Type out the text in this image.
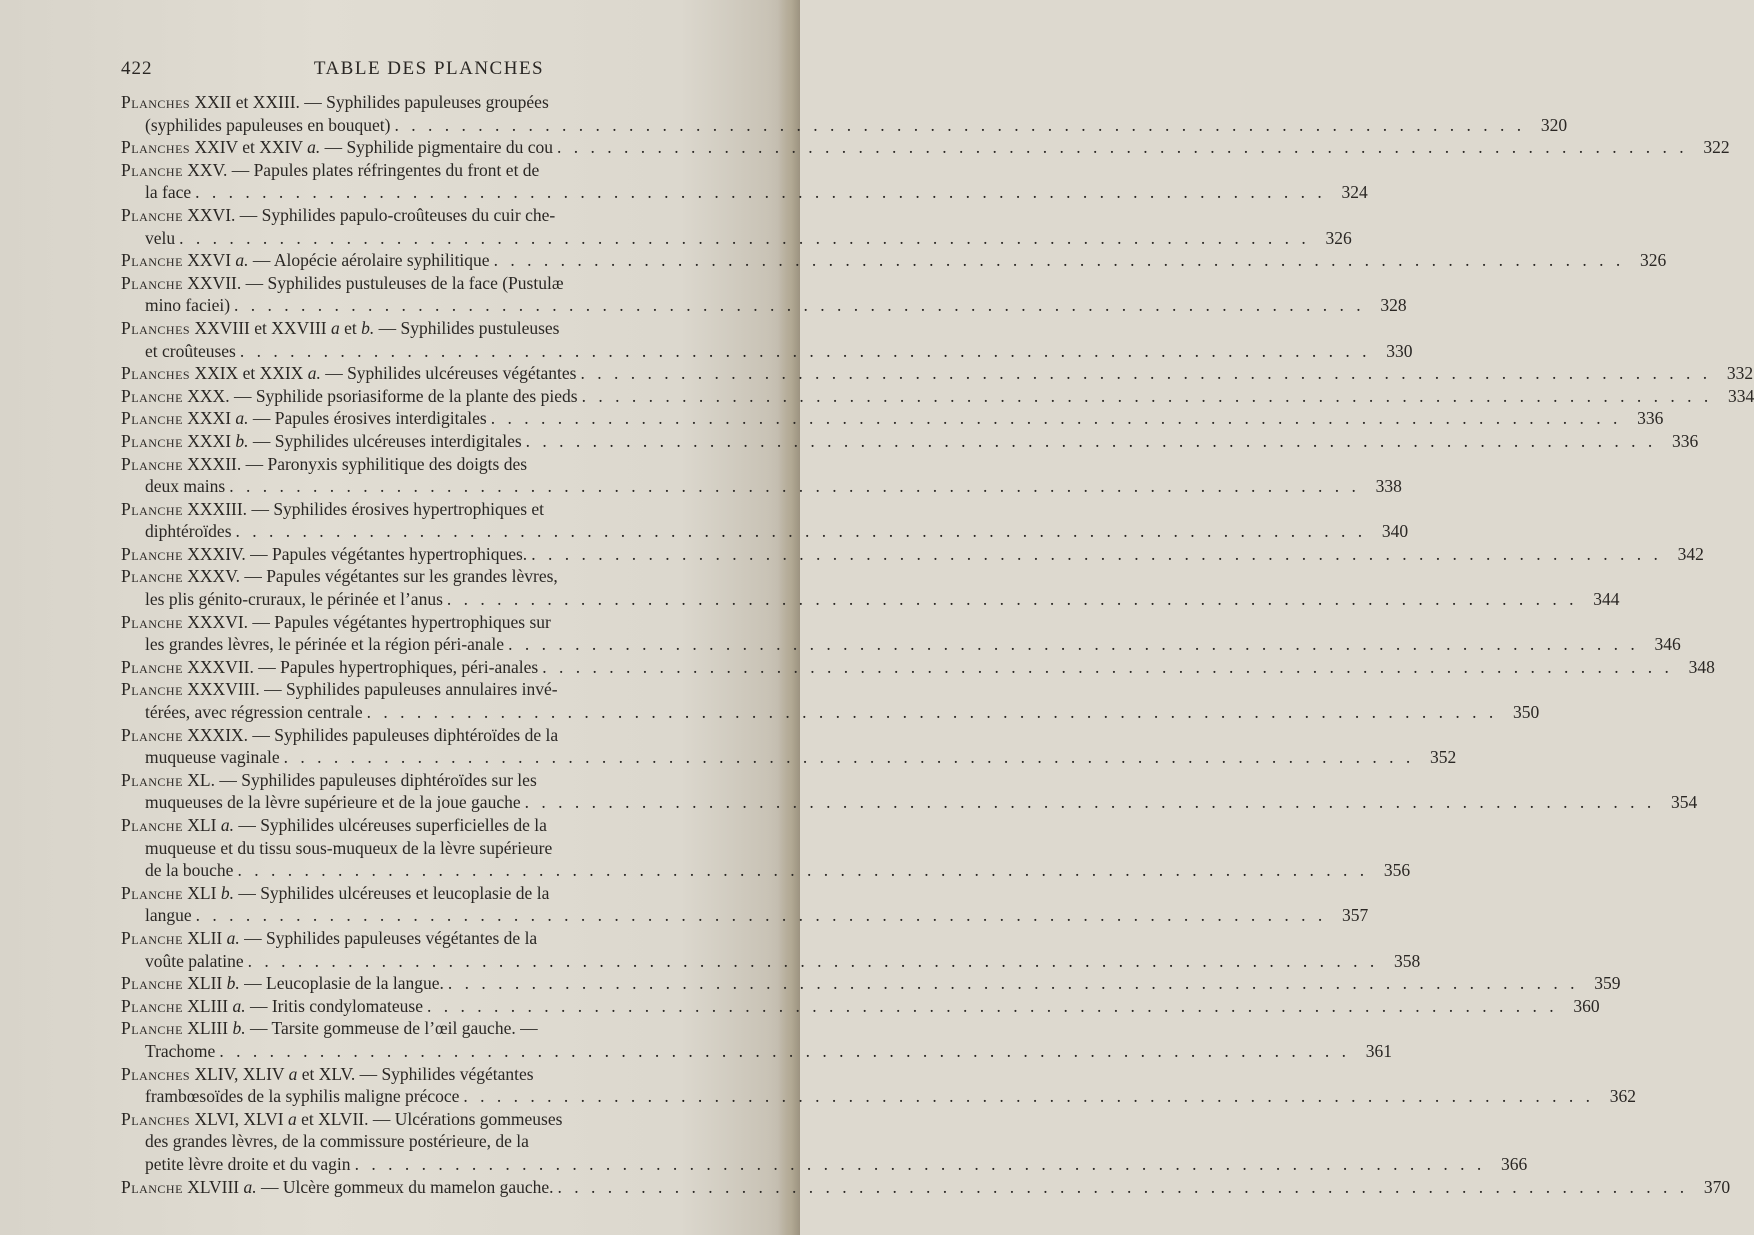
422	TABLE DES PLANCHES
Planches XXII et XXIII. — Syphilides papuleuses groupées
(syphilides papuleuses en bouquet) . . .	320
Planches XXIV et XXIV a. — Syphilide pigmentaire du cou . . .	322
Planche XXV. — Papules plates réfringentes du front et de
la face . . .	324
Planche XXVI. — Syphilides papulo-croûteuses du cuir che-
velu . . .	326
Planche XXVI a. — Alopécie aérolaire syphilitique . . .	326
Planche XXVII. — Syphilides pustuleuses de la face (Pustulæ
mino faciei) . . .	328
Planches XXVIII et XXVIII a et b. — Syphilides pustuleuses
et croûteuses . . .	330
Planches XXIX et XXIX a. — Syphilides ulcéreuses végétantes . . .	332
Planche XXX. — Syphilide psoriasiforme de la plante des pieds . . .	334
Planche XXXI a. — Papules érosives interdigitales . . .	336
Planche XXXI b. — Syphilides ulcéreuses interdigitales . . .	336
Planche XXXII. — Paronyxis syphilitique des doigts des
deux mains . . .	338
Planche XXXIII. — Syphilides érosives hypertrophiques et
diphtéroïdes . . .	340
Planche XXXIV. — Papules végétantes hypertrophiques. . . .	342
Planche XXXV. — Papules végétantes sur les grandes lèvres,
les plis génito-cruraux, le périnée et l’anus . . .	344
Planche XXXVI. — Papules végétantes hypertrophiques sur
les grandes lèvres, le périnée et la région péri-anale . . .	346
Planche XXXVII. — Papules hypertrophiques, péri-anales . . .	348
Planche XXXVIII. — Syphilides papuleuses annulaires invé-
térées, avec régression centrale . . .	350
Planche XXXIX. — Syphilides papuleuses diphtéroïdes de la
muqueuse vaginale . . .	352
Planche XL. — Syphilides papuleuses diphtéroïdes sur les
muqueuses de la lèvre supérieure et de la joue gauche . . .	354
Planche XLI a. — Syphilides ulcéreuses superficielles de la
muqueuse et du tissu sous-muqueux de la lèvre supérieure
de la bouche . . .	356
Planche XLI b. — Syphilides ulcéreuses et leucoplasie de la
langue . . .	357
Planche XLII a. — Syphilides papuleuses végétantes de la
voûte palatine . . .	358
Planche XLII b. — Leucoplasie de la langue. . . .	359
Planche XLIII a. — Iritis condylomateuse . . .	360
Planche XLIII b. — Tarsite gommeuse de l’œil gauche. —
Trachome . . .	361
Planches XLIV, XLIV a et XLV. — Syphilides végétantes
frambœsoïdes de la syphilis maligne précoce . . .	362
Planches XLVI, XLVI a et XLVII. — Ulcérations gommeuses
des grandes lèvres, de la commissure postérieure, de la
petite lèvre droite et du vagin . . .	366
Planche XLVIII a. — Ulcère gommeux du mamelon gauche. . . .	370
